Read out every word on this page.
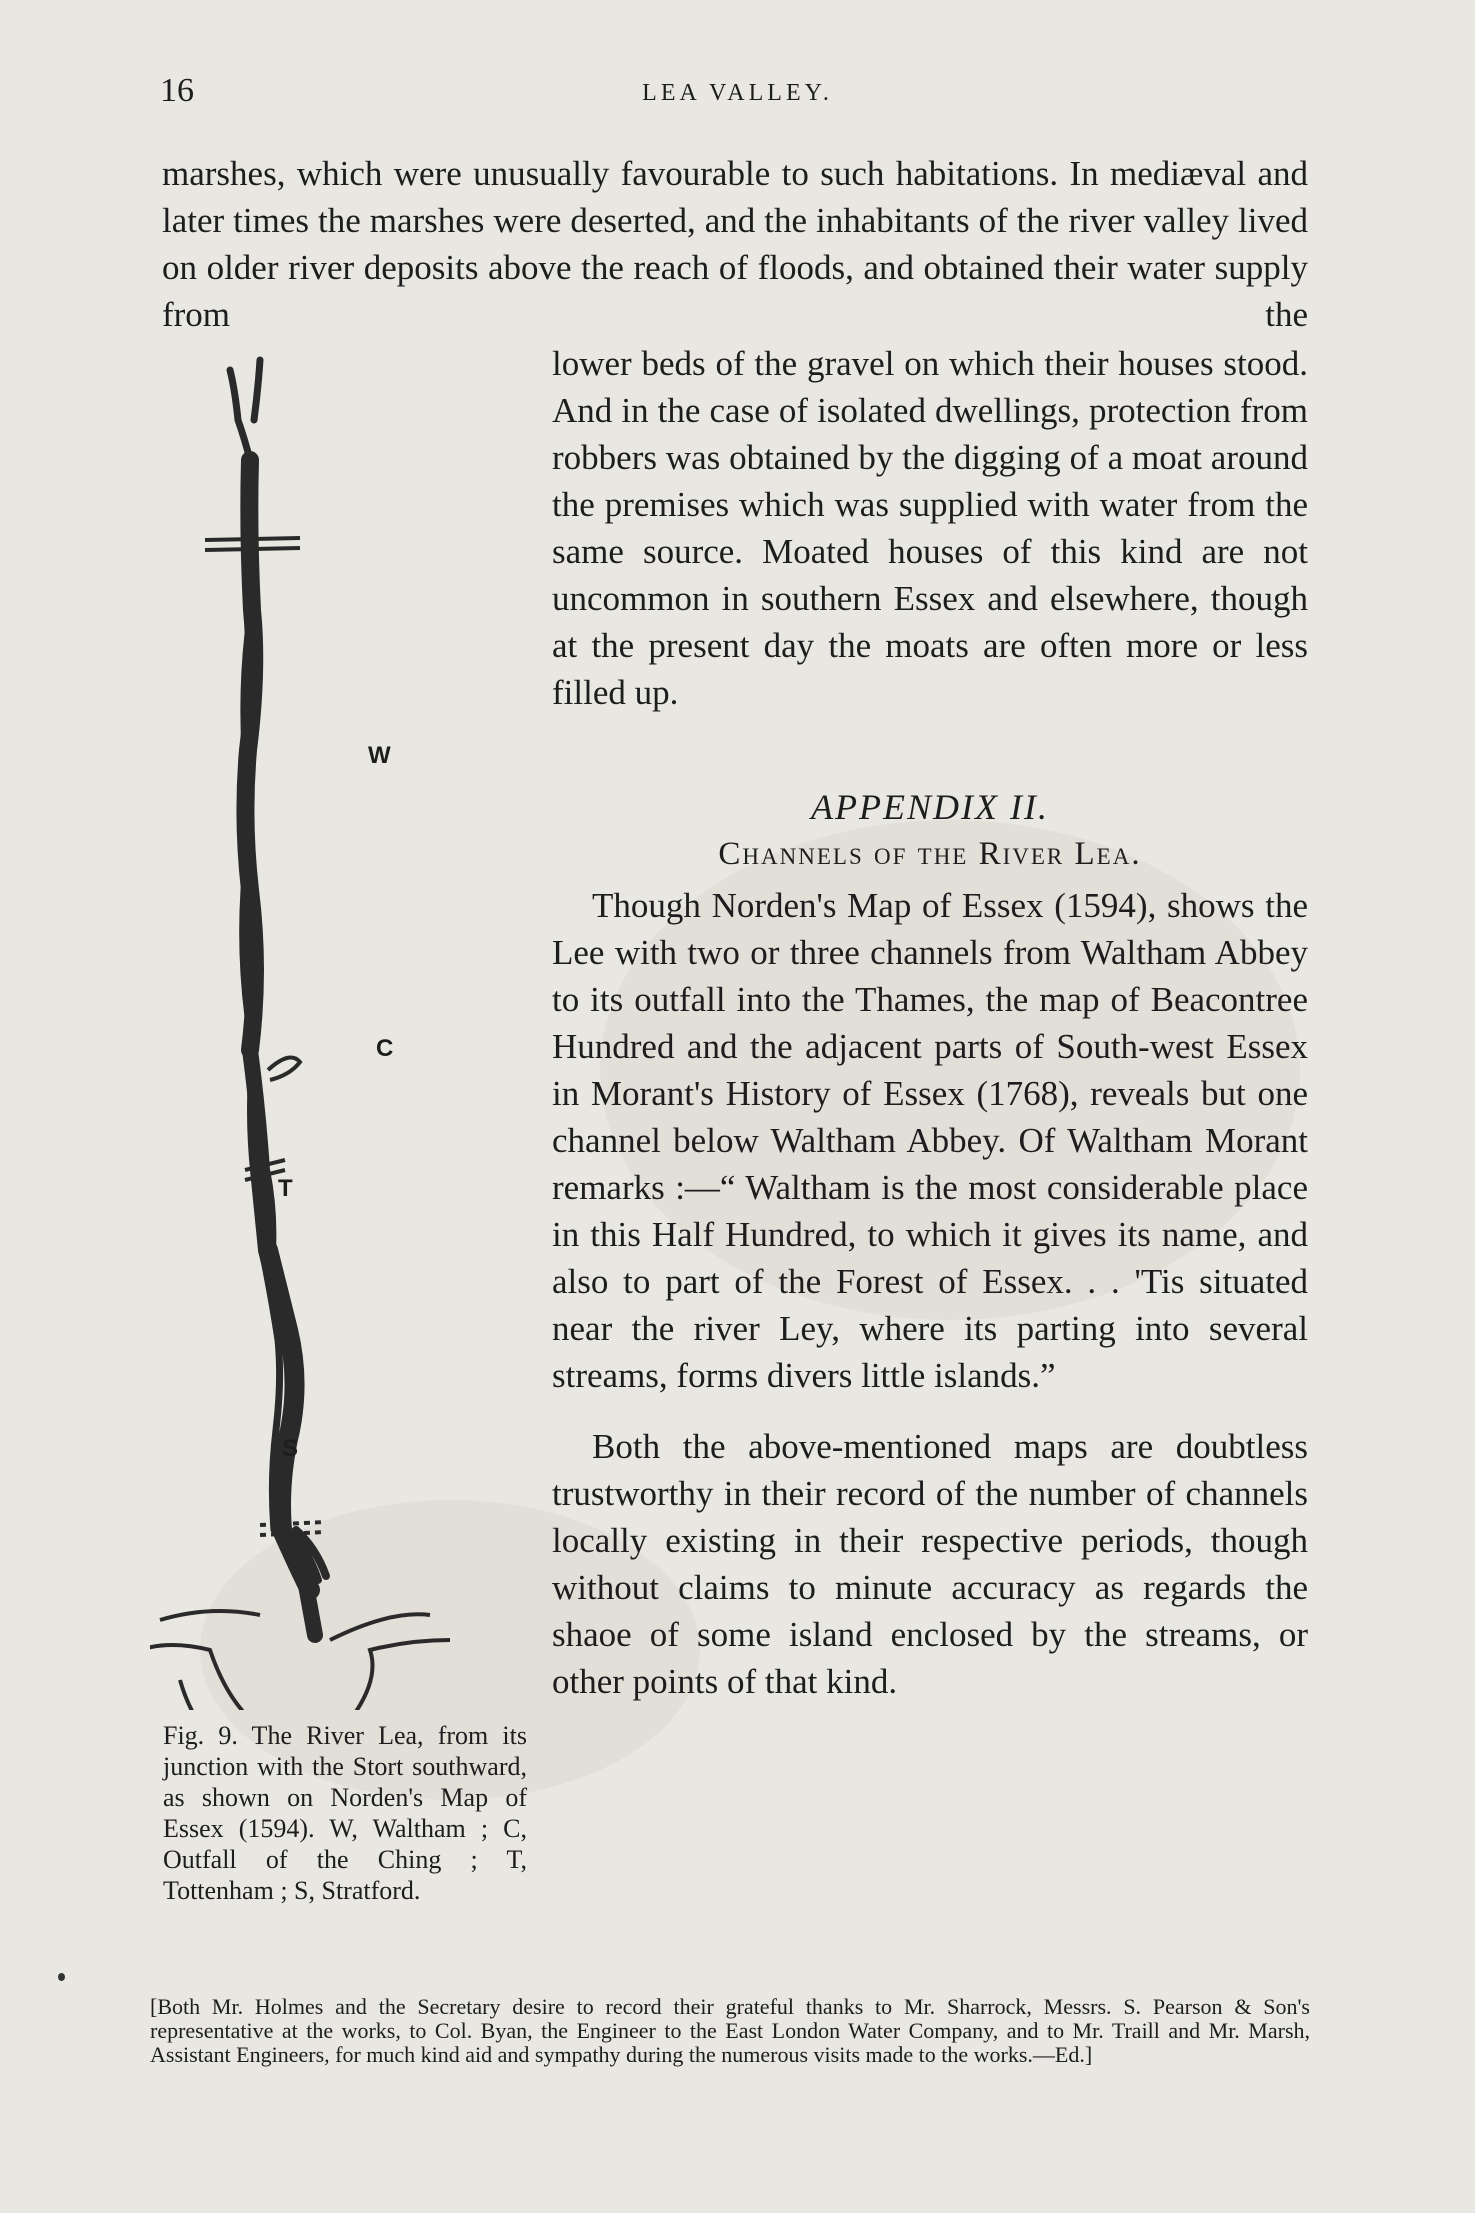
16	LEA VALLEY.

marshes, which were unusually favourable to such habitations. In mediæval and later times the marshes were deserted, and the inhabitants of the river valley lived on older river deposits above the reach of floods, and obtained their water supply from the

lower beds of the gravel on which their houses stood. And in the case of isolated dwellings, protection from robbers was obtained by the digging of a moat around the premises which was supplied with water from the same source. Moated houses of this kind are not uncommon in southern Essex and elsewhere, though at the present day the moats are often more or less filled up.

APPENDIX II.

Channels of the River Lea.

Though Norden's Map of Essex (1594), shows the Lee with two or three channels from Waltham Abbey to its outfall into the Thames, the map of Beacontree Hundred and the adjacent parts of South-west Essex in Morant's History of Essex (1768), reveals but one channel below Waltham Abbey. Of Waltham Morant remarks :—“ Waltham is the most considerable place in this Half Hundred, to which it gives its name, and also to part of the Forest of Essex. . . 'Tis situated near the river Ley, where its parting into several streams, forms divers little islands.”

Both the above-mentioned maps are doubtless trustworthy in their record of the number of channels locally existing in their respective periods, though without claims to minute accuracy as regards the shaoe of some island enclosed by the streams, or other points of that kind.

W
C
T
S
Fig. 9. The River Lea, from its junction with the Stort southward, as shown on Norden's Map of Essex (1594). W, Waltham ; C, Outfall of the Ching ; T, Tottenham ; S, Stratford.
[Both Mr. Holmes and the Secretary desire to record their grateful thanks to Mr. Sharrock, Messrs. S. Pearson & Son's representative at the works, to Col. Byan, the Engineer to the East London Water Company, and to Mr. Traill and Mr. Marsh, Assistant Engineers, for much kind aid and sympathy during the numerous visits made to the works.—Ed.]
